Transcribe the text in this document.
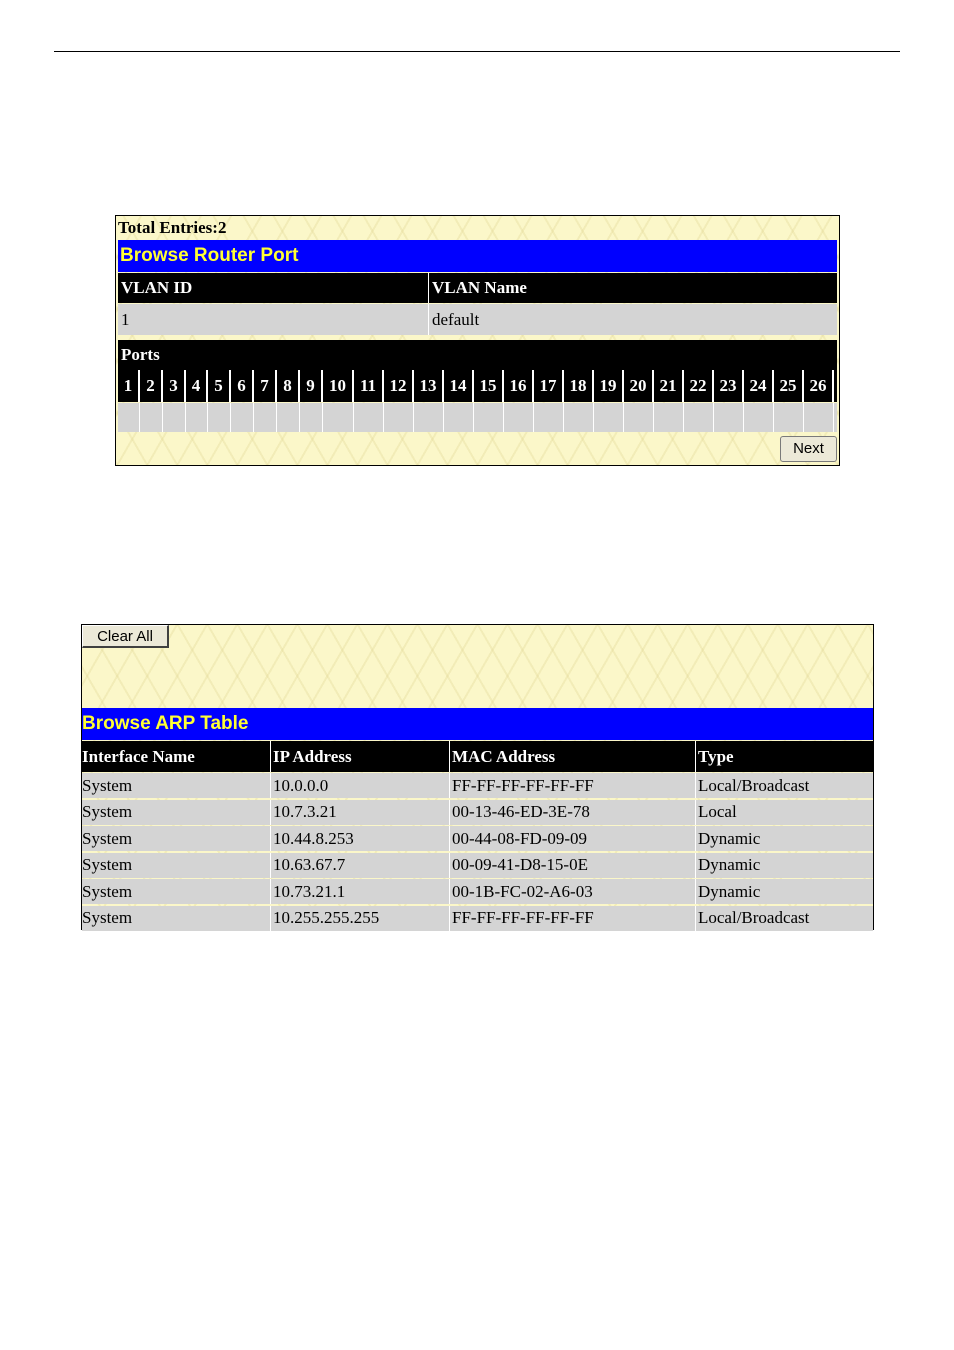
Total Entries:2
Browse Router Port
VLAN ID	VLAN Name
1	default
Ports
1 2 3 4 5 6 7 8 9 10 11 12 13 14 15 16 17 18 19 20 21 22 23 24 25 26
Next
Clear All
Browse ARP Table
Interface Name	IP Address	MAC Address	Type
System	10.0.0.0	FF-FF-FF-FF-FF-FF	Local/Broadcast
System	10.7.3.21	00-13-46-ED-3E-78	Local
System	10.44.8.253	00-44-08-FD-09-09	Dynamic
System	10.63.67.7	00-09-41-D8-15-0E	Dynamic
System	10.73.21.1	00-1B-FC-02-A6-03	Dynamic
System	10.255.255.255	FF-FF-FF-FF-FF-FF	Local/Broadcast
